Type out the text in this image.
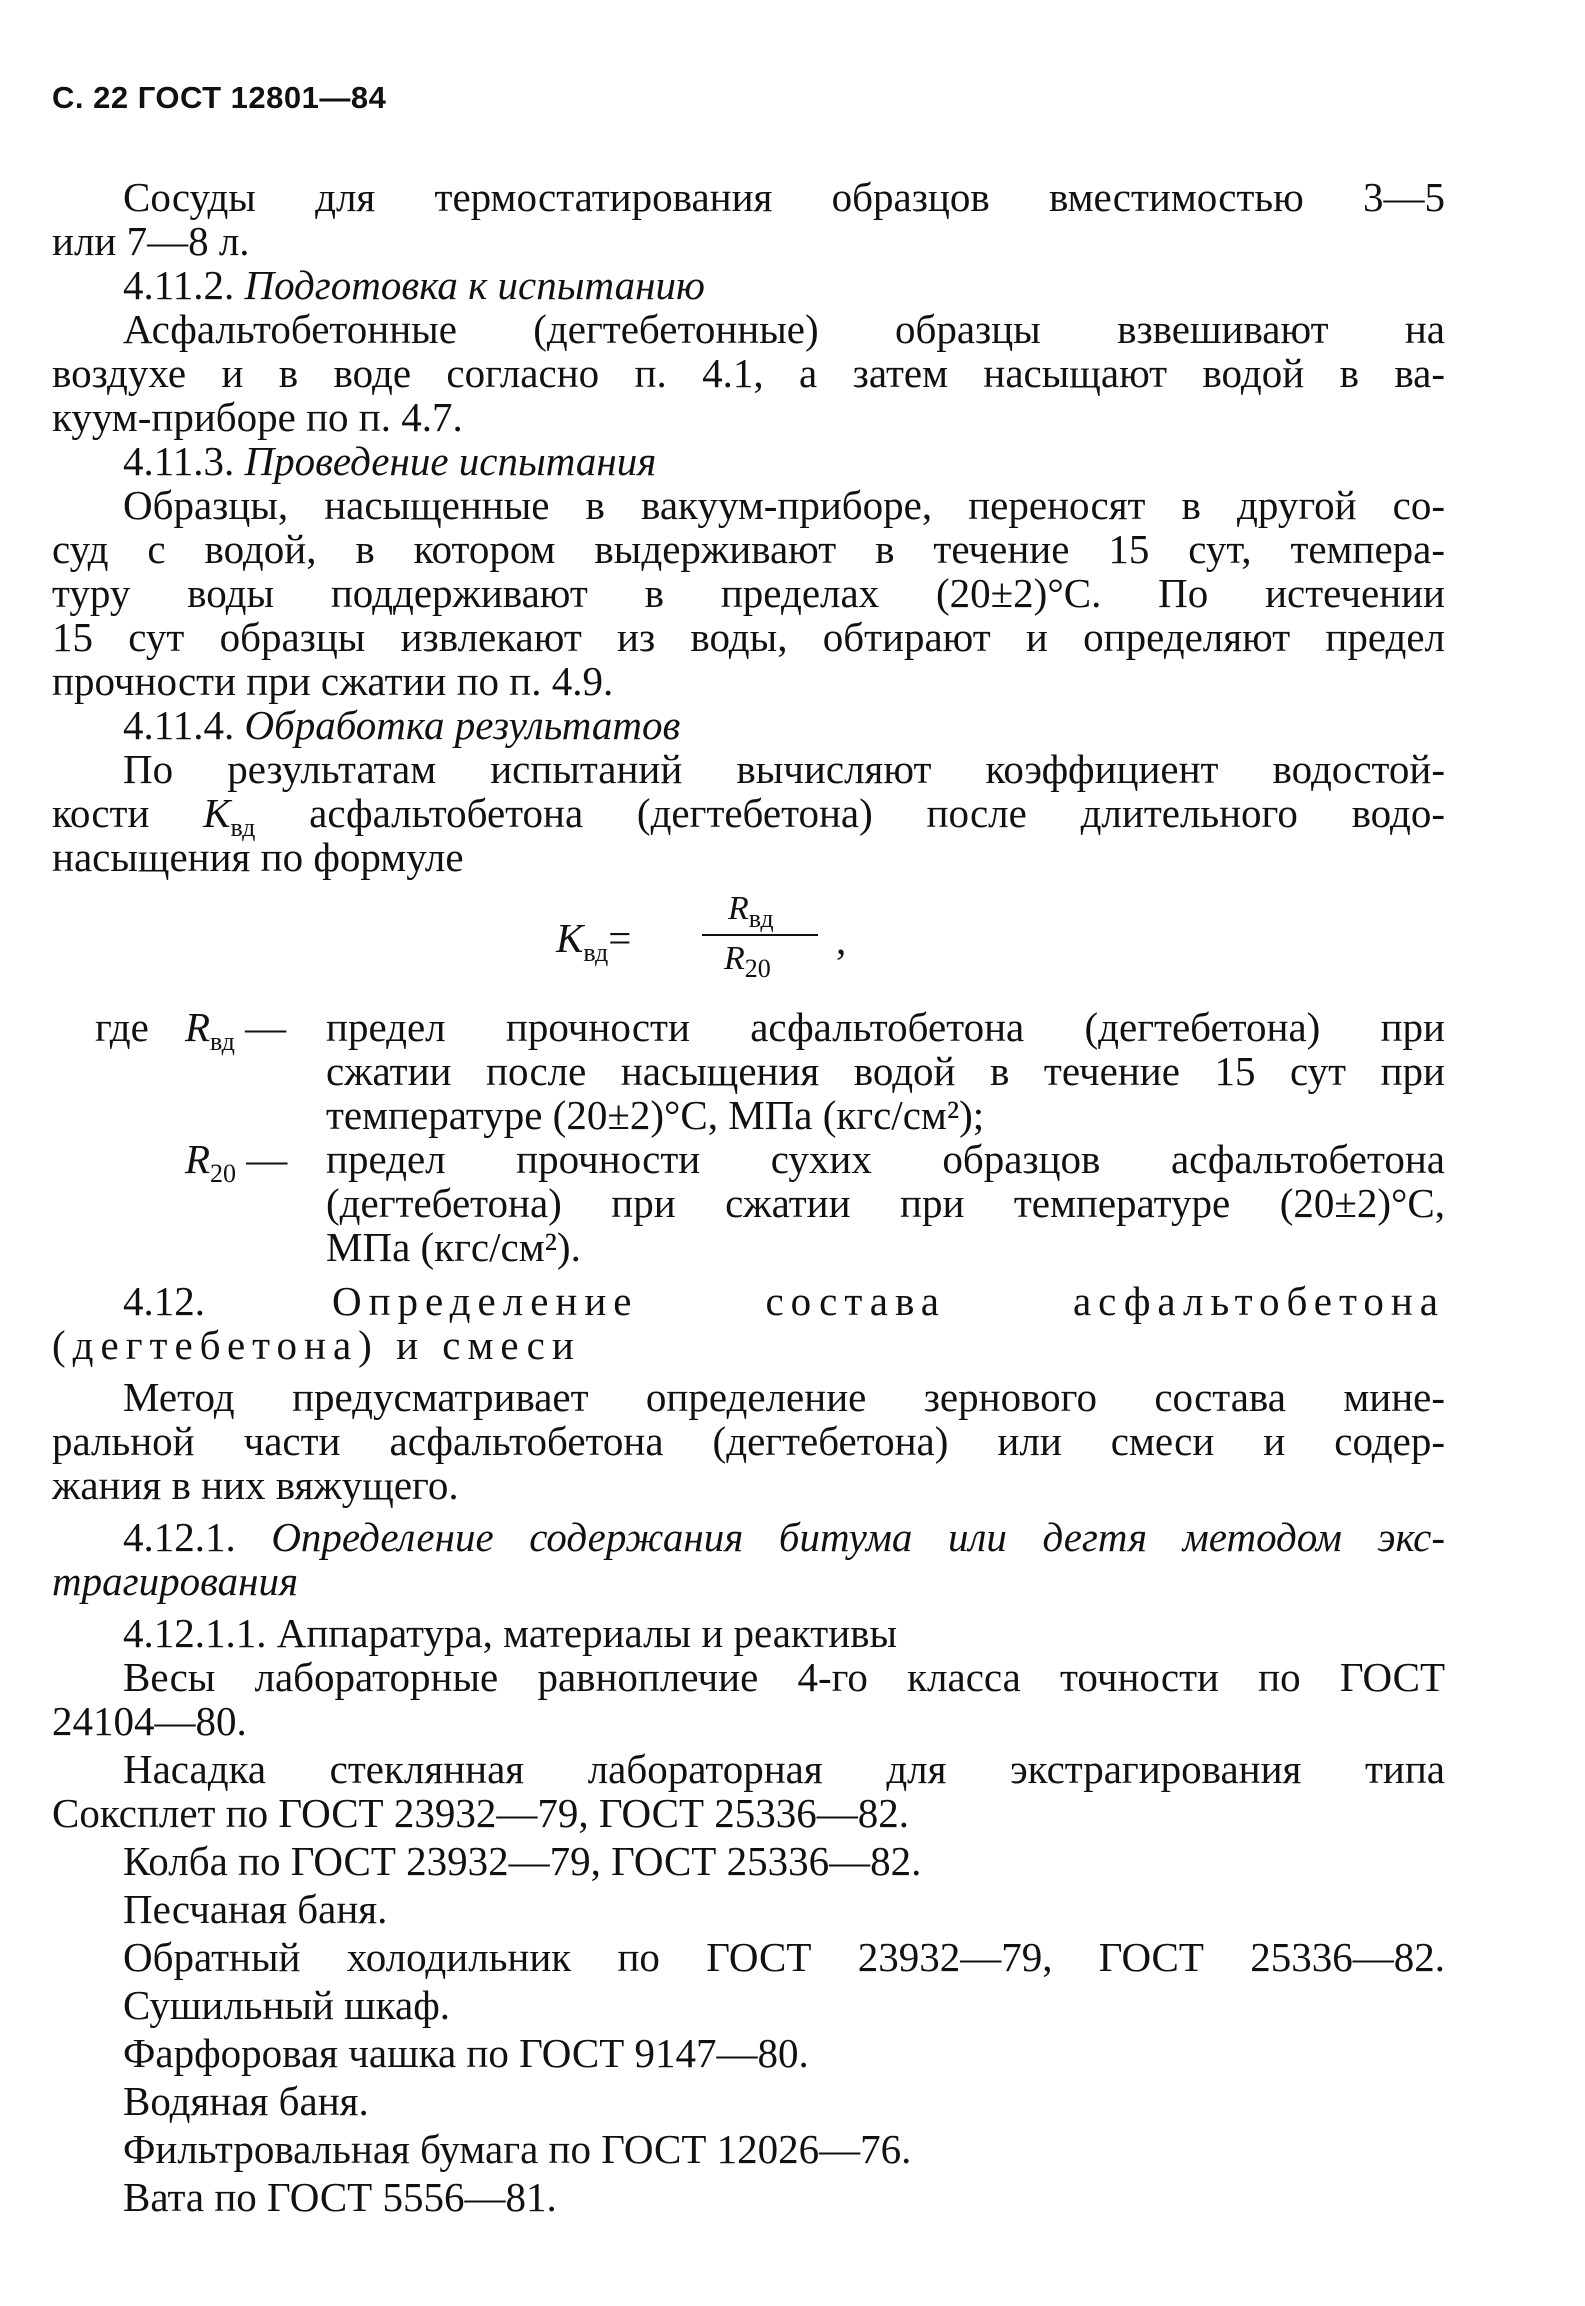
С. 22 ГОСТ 12801—84
Сосуды для термостатирования образцов вместимостью 3—5
или 7—8 л.
4.11.2. Подготовка к испытанию
Асфальтобетонные (дегтебетонные) образцы взвешивают на
воздухе и в воде согласно п. 4.1, а затем насыщают водой в ва-
куум-приборе по п. 4.7.
4.11.3. Проведение испытания
Образцы, насыщенные в вакуум-приборе, переносят в другой со-
суд с водой, в котором выдерживают в течение 15 сут, темпера-
туру воды поддерживают в пределах (20±2)°C. По истечении
15 сут образцы извлекают из воды, обтирают и определяют предел
прочности при сжатии по п. 4.9.
4.11.4. Обработка результатов
По результатам испытаний вычисляют коэффициент водостой-
кости $K_{вд}$ асфальтобетона (дегтебетона) после длительного водо-
насыщения по формуле
$K_{вд}=$
$R_{вд}$
$R_{20}$
,
где $R_{вд}$ — предел прочности асфальтобетона (дегтебетона) при
сжатии после насыщения водой в течение 15 сут при
температуре (20±2)°C, МПа (кгс/см²);
$R_{20}$ — предел прочности сухих образцов асфальтобетона
(дегтебетона) при сжатии при температуре (20±2)°C,
МПа (кгс/см²).
4.12.	Определение состава асфальтобетона
(дегтебетона) и смеси
Метод предусматривает определение зернового состава мине-
ральной части асфальтобетона (дегтебетона) или смеси и содер-
жания в них вяжущего.
4.12.1. Определение содержания битума или дегтя методом экс-
трагирования
4.12.1.1. Аппаратура, материалы и реактивы
Весы лабораторные равноплечие 4-го класса точности по ГОСТ
24104—80.
Насадка стеклянная лабораторная для экстрагирования типа
Соксплет по ГОСТ 23932—79, ГОСТ 25336—82.
Колба по ГОСТ 23932—79, ГОСТ 25336—82.
Песчаная баня.
Обратный холодильник по ГОСТ 23932—79, ГОСТ 25336—82.
Сушильный шкаф.
Фарфоровая чашка по ГОСТ 9147—80.
Водяная баня.
Фильтровальная бумага по ГОСТ 12026—76.
Вата по ГОСТ 5556—81.
